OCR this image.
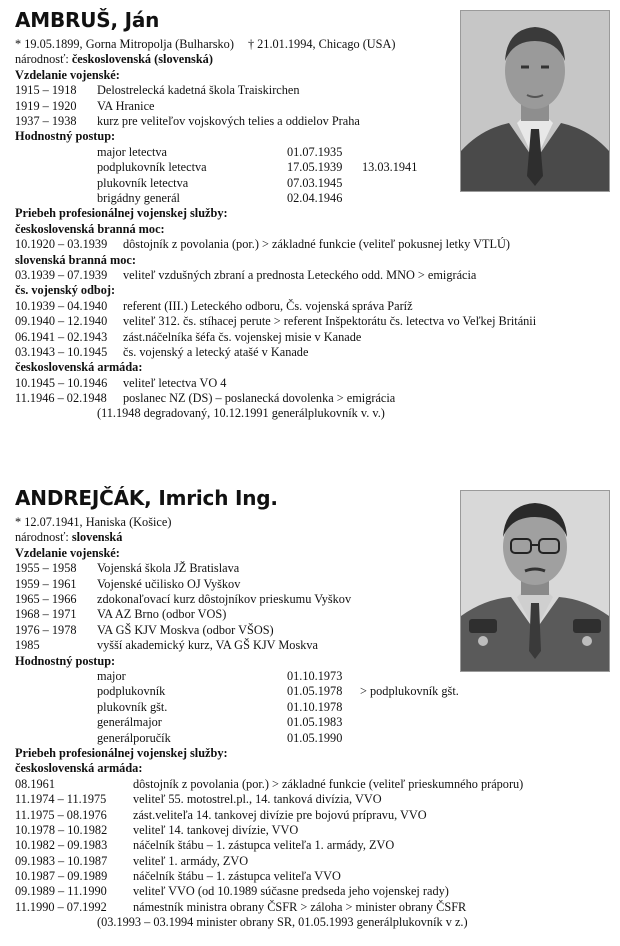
AMBRUŠ, Ján
* 19.05.1899, Gorna Mitropolja (Bulharsko) † 21.01.1994, Chicago (USA)
národnosť: československá (slovenská)
Vzdelanie vojenské:
1915 – 1918 Delostrelecká kadetná škola Traiskirchen
1919 – 1920 VA Hranice
1937 – 1938 kurz pre veliteľov vojskových telies a oddielov Praha
Hodnostný postup:
major letectva	01.07.1935
podplukovník letectva	17.05.1939 13.03.1941
plukovník letectva	07.03.1945
brigádny generál	02.04.1946
Priebeh profesionálnej vojenskej služby:
československá branná moc:
10.1920 – 03.1939 dôstojník z povolania (por.) > základné funkcie (veliteľ pokusnej letky VTLÚ)
slovenská branná moc:
03.1939 – 07.1939 veliteľ vzdušných zbraní a prednosta Leteckého odd. MNO > emigrácia
čs. vojenský odboj:
10.1939 – 04.1940 referent (III.) Leteckého odboru, Čs. vojenská správa Paríž
09.1940 – 12.1940 veliteľ 312. čs. stíhacej perute > referent Inšpektorátu čs. letectva vo Veľkej Británii
06.1941 – 02.1943 zást.náčelníka šéfa čs. vojenskej misie v Kanade
03.1943 – 10.1945 čs. vojenský a letecký atašé v Kanade
československá armáda:
10.1945 – 10.1946 veliteľ letectva VO 4
11.1946 – 02.1948 poslanec NZ (DS) – poslanecká dovolenka > emigrácia
(11.1948 degradovaný, 10.12.1991 generálplukovník v. v.)
ANDREJČÁK, Imrich Ing.
* 12.07.1941, Haniska (Košice)
národnosť: slovenská
Vzdelanie vojenské:
1955 – 1958 Vojenská škola JŽ Bratislava
1959 – 1961 Vojenské učilisko OJ Vyškov
1965 – 1966 zdokonaľovací kurz dôstojníkov prieskumu Vyškov
1968 – 1971 VA AZ Brno (odbor VOS)
1976 – 1978 VA GŠ KJV Moskva (odbor VŠOS)
1985	vyšší akademický kurz, VA GŠ KJV Moskva
Hodnostný postup:
major	01.10.1973
podplukovník	01.05.1978 > podplukovník gšt.
plukovník gšt.	01.10.1978
generálmajor	01.05.1983
generálporučík	01.05.1990
Priebeh profesionálnej vojenskej služby:
československá armáda:
08.1961	dôstojník z povolania (por.) > základné funkcie (veliteľ prieskumného práporu)
11.1974 – 11.1975 veliteľ 55. motostrel.pl., 14. tanková divízia, VVO
11.1975 – 08.1976 zást.veliteľa 14. tankovej divízie pre bojovú prípravu, VVO
10.1978 – 10.1982 veliteľ 14. tankovej divízie, VVO
10.1982 – 09.1983 náčelník štábu – 1. zástupca veliteľa 1. armády, ZVO
09.1983 – 10.1987 veliteľ 1. armády, ZVO
10.1987 – 09.1989 náčelník štábu – 1. zástupca veliteľa VVO
09.1989 – 11.1990 veliteľ VVO (od 10.1989 súčasne predseda jeho vojenskej rady)
11.1990 – 07.1992 námestník ministra obrany ČSFR > záloha > minister obrany ČSFR
(03.1993 – 03.1994 minister obrany SR, 01.05.1993 generálplukovník v z.)
